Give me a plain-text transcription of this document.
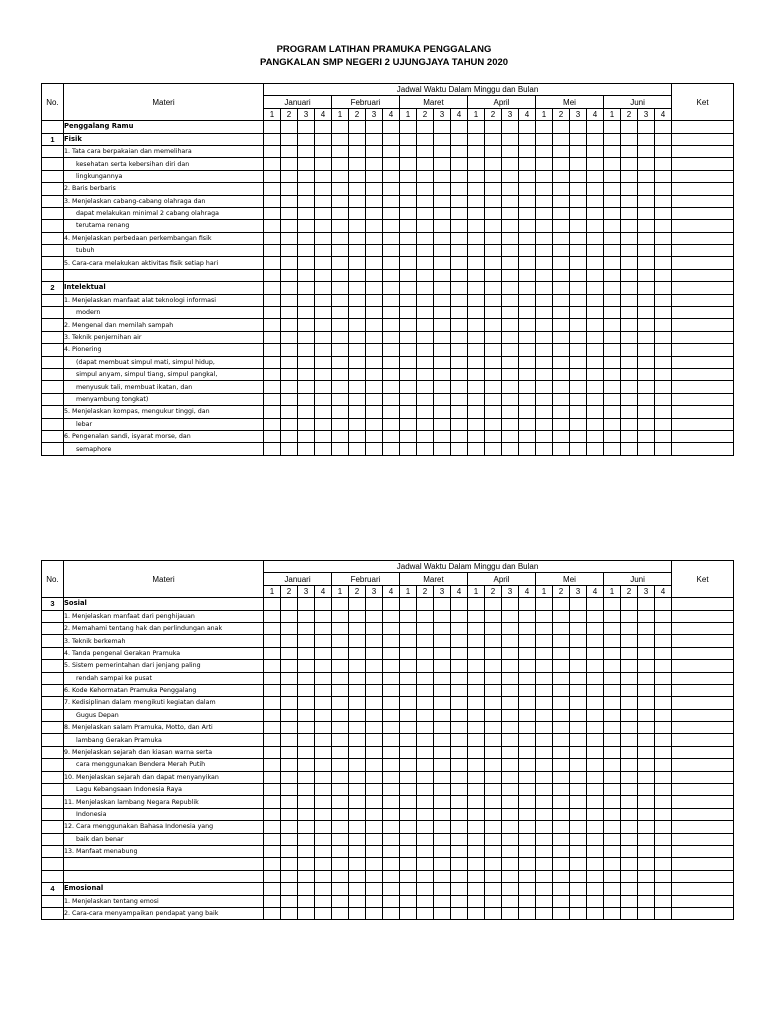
PROGRAM LATIHAN PRAMUKA PENGGALANG
PANGKALAN SMP NEGERI 2 UJUNGJAYA TAHUN 2020
No.	Materi	Jadwal Waktu Dalam Minggu dan Bulan																								Ket
		Januari				Februari				Maret				April				Mei				Juni				
		1	2	3	4	1	2	3	4	1	2	3	4	1	2	3	4	1	2	3	4	1	2	3	4	
	Penggalang Ramu																									
1	Fisik																									
	1. Tata cara berpakaian dan memelihara																									
	kesehatan serta kebersihan diri dan																									
	lingkungannya																									
	2. Baris berbaris																									
	3. Menjelaskan cabang-cabang olahraga dan																									
	dapat melakukan minimal 2 cabang olahraga																									
	terutama renang																									
	4. Menjelaskan perbedaan perkembangan fisik																									
	tubuh																									
	5. Cara-cara melakukan aktivitas fisik setiap hari																									

2	Intelektual																									
	1. Menjelaskan manfaat alat teknologi informasi																									
	modern																									
	2. Mengenal dan memilah sampah																									
	3. Teknik penjernihan air																									
	4. Pionering																									
	(dapat membuat simpul mati, simpul hidup,																									
	simpul anyam, simpul tiang, simpul pangkal,																									
	menyusuk tali, membuat ikatan, dan																									
	menyambung tongkat)																									
	5. Menjelaskan kompas, mengukur tinggi, dan																									
	lebar																									
	6. Pengenalan sandi, isyarat morse, dan																									
	semaphore																									
No.	Materi	Jadwal Waktu Dalam Minggu dan Bulan																								Ket
		Januari				Februari				Maret				April				Mei				Juni				
		1	2	3	4	1	2	3	4	1	2	3	4	1	2	3	4	1	2	3	4	1	2	3	4	
3	Sosial																									
	1. Menjelaskan manfaat dari penghijauan																									
	2. Memahami tentang hak dan perlindungan anak																									
	3. Teknik berkemah																									
	4. Tanda pengenal Gerakan Pramuka																									
	5. Sistem pemerintahan dari jenjang paling																									
	rendah sampai ke pusat																									
	6. Kode Kehormatan Pramuka Penggalang																									
	7. Kedisiplinan dalam mengikuti kegiatan dalam																									
	Gugus Depan																									
	8. Menjelaskan salam Pramuka, Motto, dan Arti																									
	lambang Gerakan Pramuka																									
	9. Menjelaskan sejarah dan kiasan warna serta																									
	cara menggunakan Bendera Merah Putih																									
	10. Menjelaskan sejarah dan dapat menyanyikan																									
	Lagu Kebangsaan Indonesia Raya																									
	11. Menjelaskan lambang Negara Republik																									
	Indonesia																									
	12. Cara menggunakan Bahasa Indonesia yang																									
	baik dan benar																									
	13. Manfaat menabung																									

4	Emosional																									
	1. Menjelaskan tentang emosi																									
	2. Cara-cara menyampaikan pendapat yang baik																									
